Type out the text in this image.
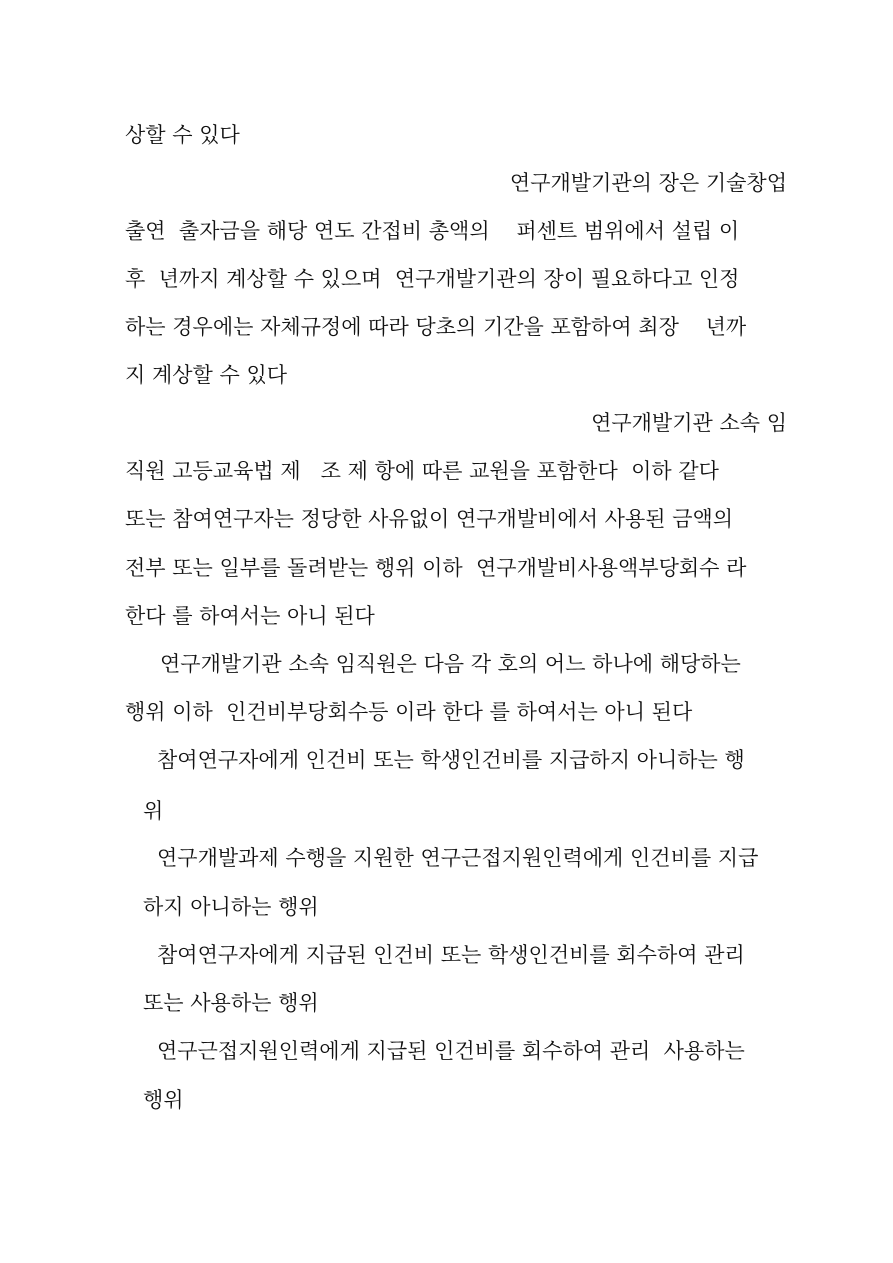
상할 수 있다
연구개발기관의 장은 기술창업
출연  출자금을 해당 연도 간접비 총액의    퍼센트 범위에서 설립 이
후  년까지 계상할 수 있으며  연구개발기관의 장이 필요하다고 인정
하는 경우에는 자체규정에 따라 당초의 기간을 포함하여 최장    년까
지 계상할 수 있다
연구개발기관 소속 임
직원 고등교육법 제   조 제 항에 따른 교원을 포함한다  이하 같다
또는 참여연구자는 정당한 사유없이 연구개발비에서 사용된 금액의
전부 또는 일부를 돌려받는 행위 이하  연구개발비사용액부당회수 라
한다 를 하여서는 아니 된다
연구개발기관 소속 임직원은 다음 각 호의 어느 하나에 해당하는
행위 이하  인건비부당회수등 이라 한다 를 하여서는 아니 된다
참여연구자에게 인건비 또는 학생인건비를 지급하지 아니하는 행
위
연구개발과제 수행을 지원한 연구근접지원인력에게 인건비를 지급
하지 아니하는 행위
참여연구자에게 지급된 인건비 또는 학생인건비를 회수하여 관리
또는 사용하는 행위
연구근접지원인력에게 지급된 인건비를 회수하여 관리  사용하는
행위
